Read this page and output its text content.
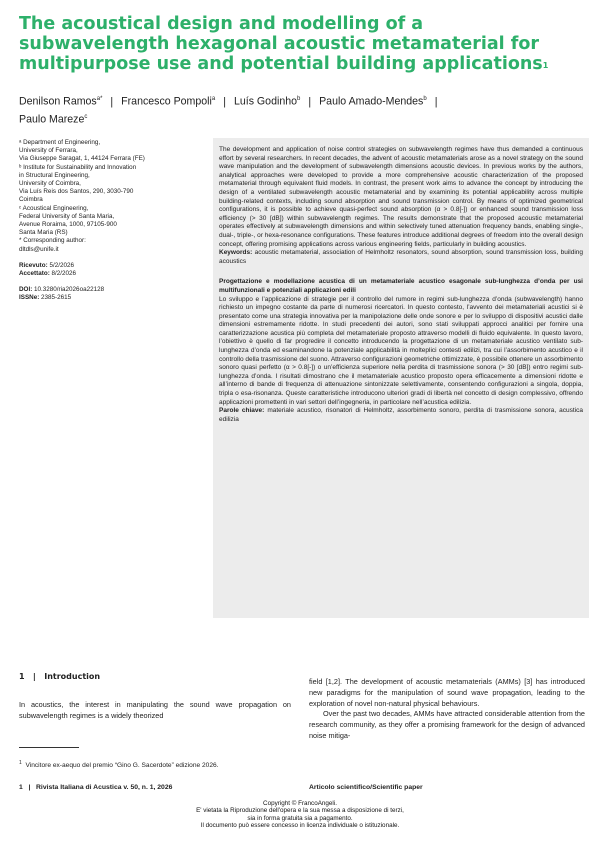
The acoustical design and modelling of a subwavelength hexagonal acoustic metamaterial for multipurpose use and potential building applications$^1$
Denilson Ramos$^{a*}$ | Francesco Pompoli$^a$ | Luís Godinho$^b$ | Paulo Amado-Mendes$^b$ |
Paulo Mareze$^c$

ᵃ Department of Engineering,

University of Ferrara,

Via Giuseppe Saragat, 1, 44124 Ferrara (FE)

ᵇ Institute for Sustainability and Innovation

in Structural Engineering,

University of Coimbra,

Via Luís Reis dos Santos, 290, 3030-790

Coimbra

ᶜ Acoustical Engineering,

Federal University of Santa Maria,

Avenue Roraima, 1000, 97105-900

Santa Maria (RS)

* Corresponding author:

dltdls@unife.it

Ricevuto: 5/2/2026

Accettato: 8/2/2026

DOI: 10.3280/ria2026oa22128

ISSNe: 2385-2615

The development and application of noise control strategies on subwavelength regimes have thus demanded a continuous effort by several researchers. In recent decades, the advent of acoustic metamaterials arose as a novel strategy on the sound wave manipulation and the development of subwavelength dimensions acoustic devices. In previous works by the authors, analytical approaches were developed to provide a more comprehensive acoustic characterization of the proposed metamaterial through equivalent fluid models. In contrast, the present work aims to advance the concept by introducing the design of a ventilated subwavelength acoustic metamaterial and by examining its potential applicability across multiple building-related contexts, including sound absorption and sound transmission control. By means of optimized geometrical configurations, it is possible to achieve quasi-perfect sound absorption (α > 0.8[-]) or enhanced sound transmission loss efficiency (> 30 [dB]) within subwavelength regimes. The results demonstrate that the proposed acoustic metamaterial operates effectively at subwavelength dimensions and within selectively tuned attenuation frequency bands, enabling single-, dual-, triple-, or hexa-resonance configurations. These features introduce additional degrees of freedom into the overall design concept, offering promising applications across various engineering fields, particularly in building acoustics.

Keywords: acoustic metamaterial, association of Helmholtz resonators, sound absorption, sound transmission loss, building acoustics

Progettazione e modellazione acustica di un metamateriale acustico esagonale sub-lunghezza d’onda per usi multifunzionali e potenziali applicazioni edili

Lo sviluppo e l’applicazione di strategie per il controllo del rumore in regimi sub-lunghezza d’onda (subwavelength) hanno richiesto un impegno costante da parte di numerosi ricercatori. In questo contesto, l’avvento dei metamateriali acustici si è presentato come una strategia innovativa per la manipolazione delle onde sonore e per lo sviluppo di dispositivi acustici dalle dimensioni estremamente ridotte. In studi precedenti dei autori, sono stati sviluppati approcci analitici per fornire una caratterizzazione acustica più completa del metamateriale proposto attraverso modelli di fluido equivalente. In questo lavoro, l’obiettivo è quello di far progredire il concetto introducendo la progettazione di un metamateriale acustico ventilato sub-lunghezza d’onda ed esaminandone la potenziale applicabilità in molteplici contesti edilizi, tra cui l’assorbimento acustico e il controllo della trasmissione del suono. Attraverso configurazioni geometriche ottimizzate, è possibile ottenere un assorbimento sonoro quasi perfetto (α > 0.8[-]) o un’efficienza superiore nella perdita di trasmissione sonora (> 30 [dB]) entro regimi sub-lunghezza d’onda. I risultati dimostrano che il metamateriale acustico proposto opera efficacemente a dimensioni ridotte e all’interno di bande di frequenza di attenuazione sintonizzate selettivamente, consentendo configurazioni a singola, doppia, tripla o esa-risonanza. Queste caratteristiche introducono ulteriori gradi di libertà nel concetto di design complessivo, offrendo applicazioni promettenti in vari settori dell’ingegneria, in particolare nell’acustica edilizia.

Parole chiave: materiale acustico, risonatori di Helmholtz, assorbimento sonoro, perdita di trasmissione sonora, acustica edilizia

1   |   Introduction

In acoustics, the interest in manipulating the sound wave propagation on subwavelength regimes is a widely theorized

$^1$ Vincitore ex-aequo del premio “Gino G. Sacerdote” edizione 2026.

field [1,2]. The development of acoustic metamaterials (AMMs) [3] has introduced new paradigms for the manipulation of sound wave propagation, leading to the exploration of novel non-natural physical behaviours.

Over the past two decades, AMMs have attracted considerable attention from the research community, as they offer a promising framework for the design of advanced noise mitiga-

1   |   Rivista Italiana di Acustica v. 50, n. 1, 2026	Articolo scientifico/Scientific paper

Copyright © FrancoAngeli.

E' vietata la Riproduzione dell'opera e la sua messa a disposizione di terzi,

sia in forma gratuita sia a pagamento.

Il documento può essere concesso in licenza individuale o istituzionale.
